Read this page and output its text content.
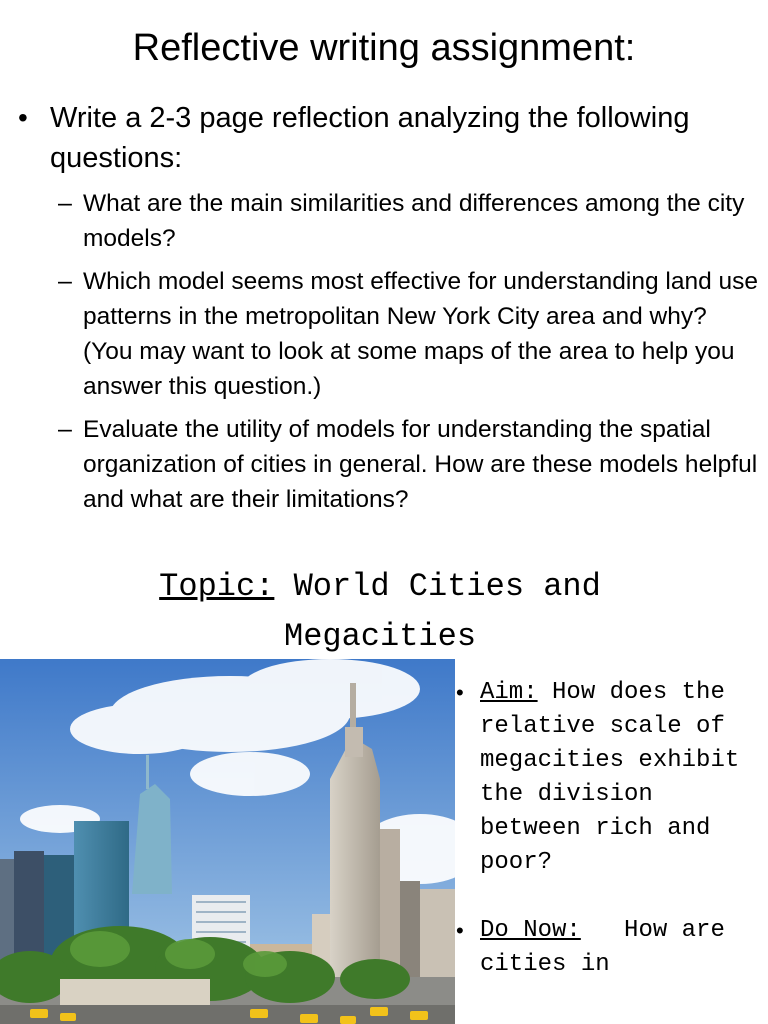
Reflective writing assignment:
• Write a 2-3 page reflection analyzing the following questions:
– What are the main similarities and differences among the city models?
– Which model seems most effective for understanding land use patterns in the metropolitan New York City area and why? (You may want to look at some maps of the area to help you answer this question.)
– Evaluate the utility of models for understanding the spatial organization of cities in general. How are these models helpful and what are their limitations?
Topic: World Cities and Megacities
• Aim: How does the relative scale of megacities exhibit the division between rich and poor?
• Do Now:   How are cities in
